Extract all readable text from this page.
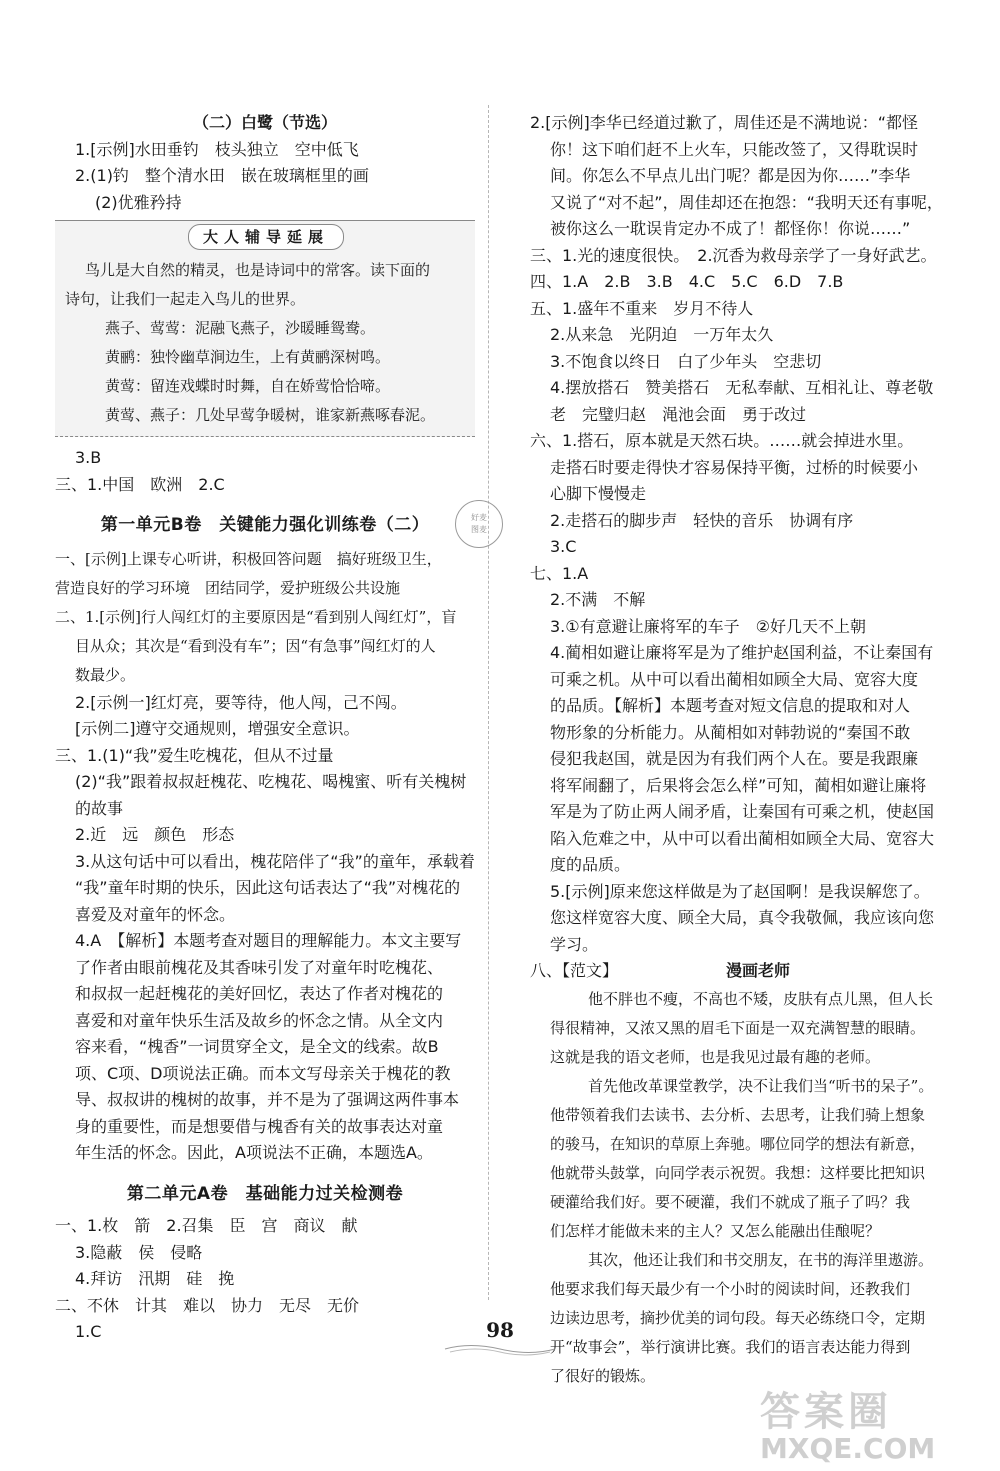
（二）白鹭（节选）
1.[示例]水田垂钓　枝头独立　空中低飞
2.(1)钓　整个清水田　嵌在玻璃框里的画
(2)优雅矜持
大人辅导延展
鸟儿是大自然的精灵，也是诗词中的常客。读下面的
诗句，让我们一起走入鸟儿的世界。
燕子、莺莺：泥融飞燕子，沙暖睡鸳鸯。
黄鹂：独怜幽草涧边生，上有黄鹂深树鸣。
黄莺：留连戏蝶时时舞，自在娇莺恰恰啼。
黄莺、燕子：几处早莺争暖树，谁家新燕啄春泥。
3.B
三、1.中国　欧洲　2.C
第一单元B卷　关键能力强化训练卷（二）
一、[示例]上课专心听讲，积极回答问题　搞好班级卫生，
营造良好的学习环境　团结同学，爱护班级公共设施
二、1.[示例]行人闯红灯的主要原因是“看到别人闯红灯”，盲
目从众；其次是“看到没有车”；因“有急事”闯红灯的人
数最少。
2.[示例一]红灯亮，要等待，他人闯，己不闯。
[示例二]遵守交通规则，增强安全意识。
三、1.(1)“我”爱生吃槐花，但从不过量
(2)“我”跟着叔叔赶槐花、吃槐花、喝槐蜜、听有关槐树
的故事
2.近　远　颜色　形态
3.从这句话中可以看出，槐花陪伴了“我”的童年，承载着
“我”童年时期的快乐，因此这句话表达了“我”对槐花的
喜爱及对童年的怀念。
4.A　【解析】本题考查对题目的理解能力。本文主要写
了作者由眼前槐花及其香味引发了对童年时吃槐花、
和叔叔一起赶槐花的美好回忆，表达了作者对槐花的
喜爱和对童年快乐生活及故乡的怀念之情。从全文内
容来看，“槐香”一词贯穿全文，是全文的线索。故B
项、C项、D项说法正确。而本文写母亲关于槐花的教
导、叔叔讲的槐树的故事，并不是为了强调这两件事本
身的重要性，而是想要借与槐香有关的故事表达对童
年生活的怀念。因此，A项说法不正确，本题选A。
第二单元A卷　基础能力过关检测卷
一、1.枚　箭　2.召集　臣　宫　商议　献
3.隐蔽　侯　侵略
4.拜访　汛期　硅　挽
二、不休　计其　难以　协力　无尽　无价
1.C
好麦
图麦
2.[示例]李华已经道过歉了，周佳还是不满地说：“都怪
你！这下咱们赶不上火车，只能改签了，又得耽误时
间。你怎么不早点儿出门呢？都是因为你……”李华
又说了“对不起”，周佳却还在抱怨：“我明天还有事呢，
被你这么一耽误肯定办不成了！都怪你！你说……”
三、1.光的速度很快。　2.沉香为救母亲学了一身好武艺。
四、1.A　2.B　3.B　4.C　5.C　6.D　7.B
五、1.盛年不重来　岁月不待人
2.从来急　光阴迫　一万年太久
3.不饱食以终日　白了少年头　空悲切
4.摆放搭石　赞美搭石　无私奉献、互相礼让、尊老敬
老　完璧归赵　渑池会面　勇于改过
六、1.搭石，原本就是天然石块。……就会掉进水里。
走搭石时要走得快才容易保持平衡，过桥的时候要小
心脚下慢慢走
2.走搭石的脚步声　轻快的音乐　协调有序
3.C
七、1.A
2.不满　不解
3.①有意避让廉将军的车子　②好几天不上朝
4.蔺相如避让廉将军是为了维护赵国利益，不让秦国有
可乘之机。从中可以看出蔺相如顾全大局、宽容大度
的品质。【解析】本题考查对短文信息的提取和对人
物形象的分析能力。从蔺相如对韩勃说的“秦国不敢
侵犯我赵国，就是因为有我们两个人在。要是我跟廉
将军闹翻了，后果将会怎么样”可知，蔺相如避让廉将
军是为了防止两人闹矛盾，让秦国有可乘之机，使赵国
陷入危难之中，从中可以看出蔺相如顾全大局、宽容大
度的品质。
5.[示例]原来您这样做是为了赵国啊！是我误解您了。
您这样宽容大度、顾全大局，真令我敬佩，我应该向您
学习。
八、【范文】	漫画老师
他不胖也不瘦，不高也不矮，皮肤有点儿黑，但人长
得很精神，又浓又黑的眉毛下面是一双充满智慧的眼睛。
这就是我的语文老师，也是我见过最有趣的老师。
首先他改革课堂教学，决不让我们当“听书的呆子”。
他带领着我们去读书、去分析、去思考，让我们骑上想象
的骏马，在知识的草原上奔驰。哪位同学的想法有新意，
他就带头鼓掌，向同学表示祝贺。我想：这样要比把知识
硬灌给我们好。要不硬灌，我们不就成了瓶子了吗？我
们怎样才能做未来的主人？又怎么能融出佳酿呢？
其次，他还让我们和书交朋友，在书的海洋里遨游。
他要求我们每天最少有一个小时的阅读时间，还教我们
边读边思考，摘抄优美的词句段。每天必练绕口令，定期
开“故事会”，举行演讲比赛。我们的语言表达能力得到
了很好的锻炼。
98
答案圈
MXQE.COM
